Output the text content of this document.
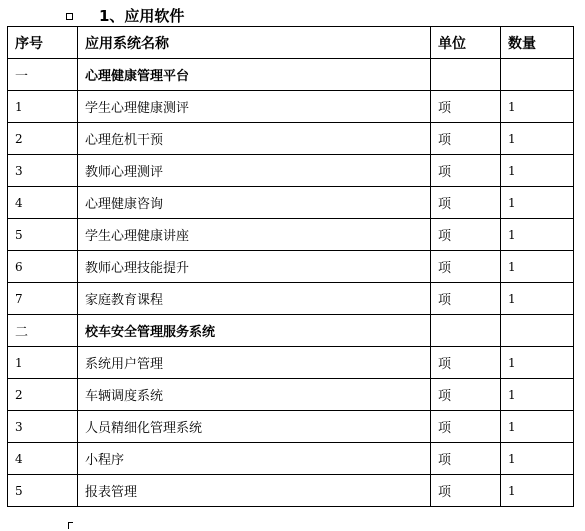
1、应用软件
序号	应用系统名称	单位	数量
一	心理健康管理平台		
1	学生心理健康测评	项	1
2	心理危机干预	项	1
3	教师心理测评	项	1
4	心理健康咨询	项	1
5	学生心理健康讲座	项	1
6	教师心理技能提升	项	1
7	家庭教育课程	项	1
二	校车安全管理服务系统		
1	系统用户管理	项	1
2	车辆调度系统	项	1
3	人员精细化管理系统	项	1
4	小程序	项	1
5	报表管理	项	1
